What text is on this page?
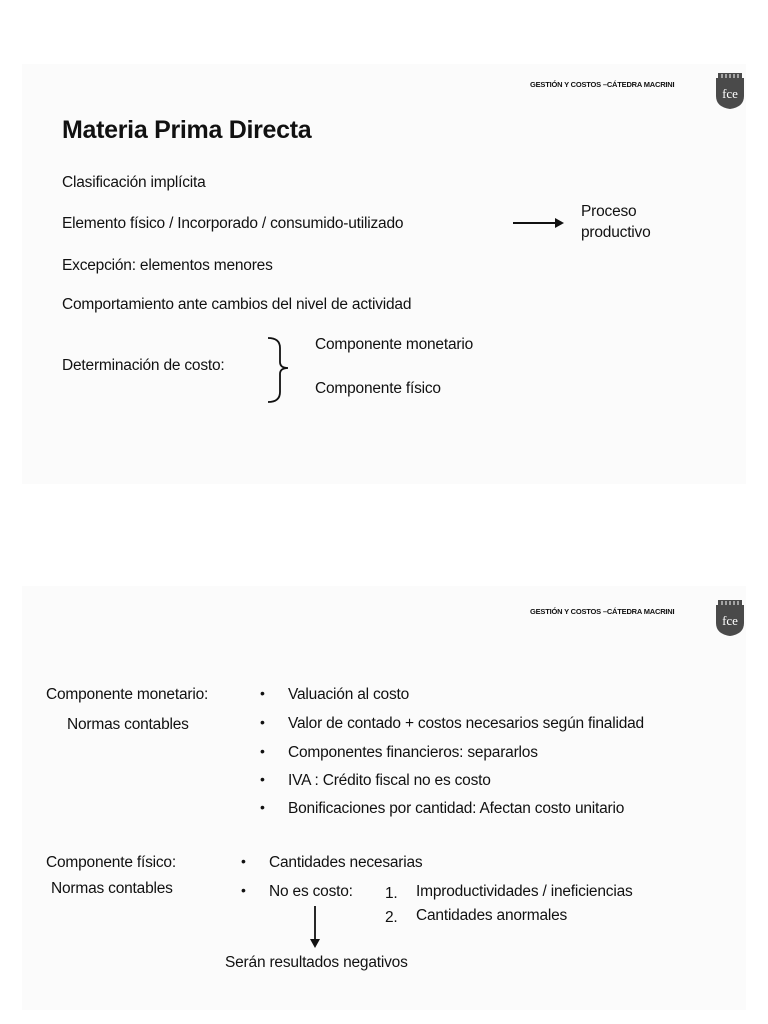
GESTIÓN Y COSTOS –CÁTEDRA MACRINI
fce
Materia Prima Directa
Clasificación implícita
Elemento físico / Incorporado / consumido-utilizado
Proceso
productivo
Excepción: elementos menores
Comportamiento ante cambios del nivel de actividad
Determinación de costo:
Componente monetario
Componente físico
GESTIÓN Y COSTOS –CÁTEDRA MACRINI
fce
Componente monetario:
Normas contables
• Valuación al costo
• Valor de contado + costos necesarios según finalidad
• Componentes financieros: separarlos
• IVA : Crédito fiscal no es costo
• Bonificaciones por cantidad: Afectan costo unitario
Componente físico:
Normas contables
• Cantidades necesarias
• No es costo: 1. Improductividades / ineficiencias
2. Cantidades anormales
Serán resultados negativos
